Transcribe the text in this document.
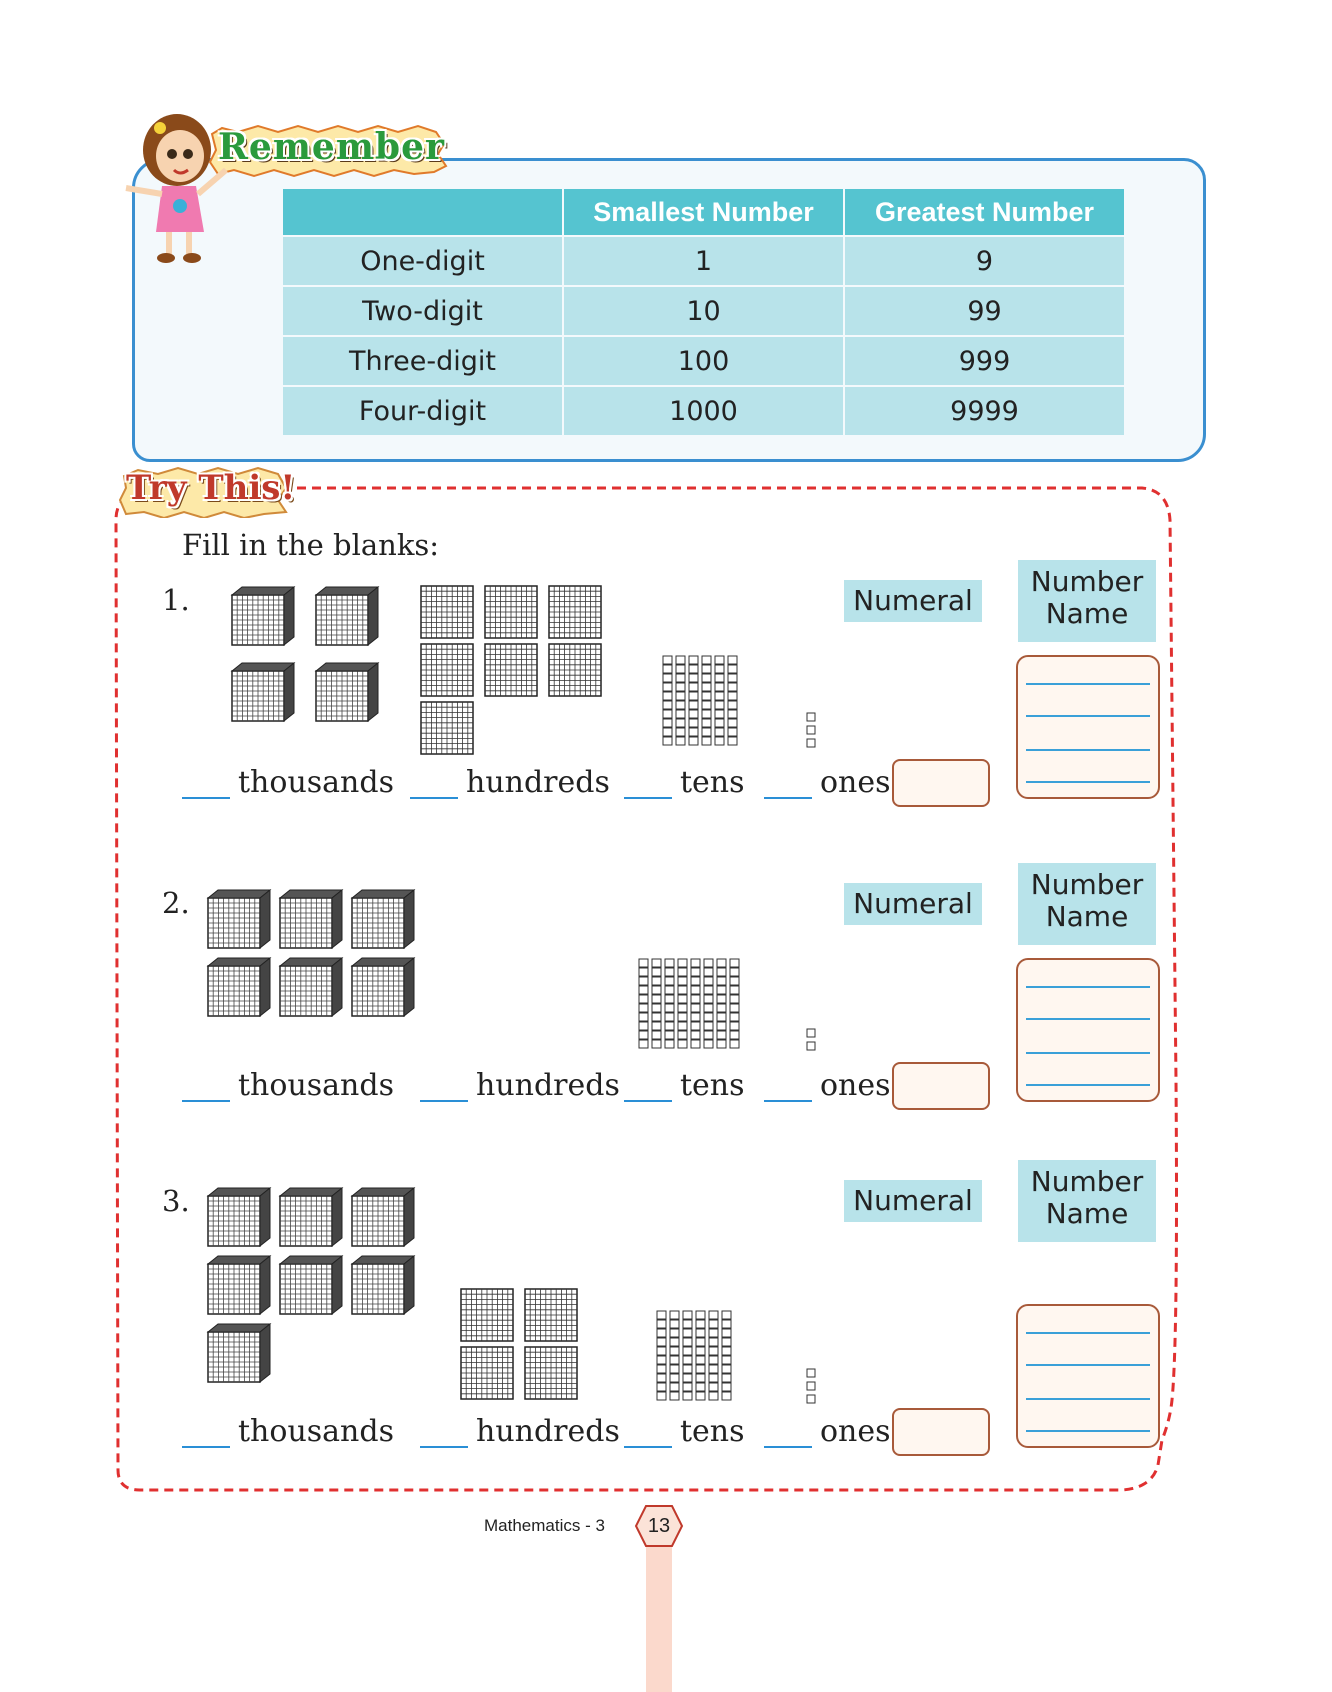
Remember
	Smallest Number	Greatest Number
One-digit	1	9
Two-digit	10	99
Three-digit	100	999
Four-digit	1000	9999
Try This!
Fill in the blanks:
1.
thousands hundreds tens	ones
Numeral
Number
Name
2.
thousands	hundreds tens	ones
Numeral
Number
Name
3.
thousands	hundreds tens	ones
Numeral
Number
Name
Mathematics - 3	13
